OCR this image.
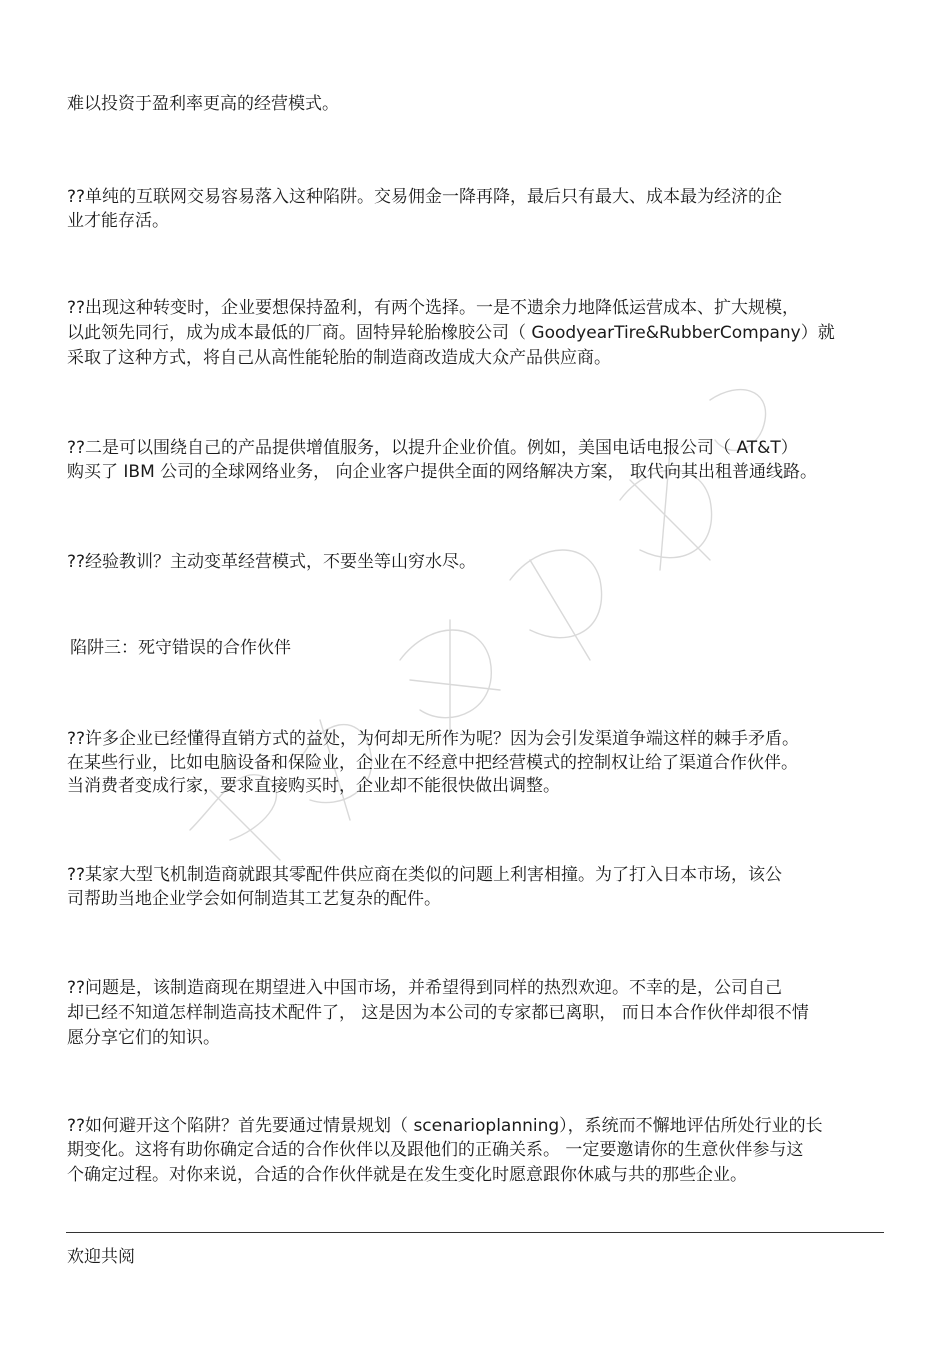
难以投资于盈利率更高的经营模式。
??单纯的互联网交易容易落入这种陷阱。交易佣金一降再降，最后只有最大、成本最为经济的企
业才能存活。
??出现这种转变时，企业要想保持盈利，有两个选择。一是不遗余力地降低运营成本、扩大规模，
以此领先同行，成为成本最低的厂商。固特异轮胎橡胶公司（ GoodyearTire&RubberCompany）就
采取了这种方式，将自己从高性能轮胎的制造商改造成大众产品供应商。
??二是可以围绕自己的产品提供增值服务，以提升企业价值。例如，美国电话电报公司（ AT&T）
购买了 IBM 公司的全球网络业务， 向企业客户提供全面的网络解决方案， 取代向其出租普通线路。
??经验教训？主动变革经营模式，不要坐等山穷水尽。
陷阱三：死守错误的合作伙伴
??许多企业已经懂得直销方式的益处，为何却无所作为呢？因为会引发渠道争端这样的棘手矛盾。
在某些行业，比如电脑设备和保险业，企业在不经意中把经营模式的控制权让给了渠道合作伙伴。
当消费者变成行家，要求直接购买时，企业却不能很快做出调整。
??某家大型飞机制造商就跟其零配件供应商在类似的问题上利害相撞。为了打入日本市场，该公
司帮助当地企业学会如何制造其工艺复杂的配件。
??问题是，该制造商现在期望进入中国市场，并希望得到同样的热烈欢迎。不幸的是，公司自己
却已经不知道怎样制造高技术配件了， 这是因为本公司的专家都已离职， 而日本合作伙伴却很不情
愿分享它们的知识。
??如何避开这个陷阱？首先要通过情景规划（ scenarioplanning），系统而不懈地评估所处行业的长
期变化。这将有助你确定合适的合作伙伴以及跟他们的正确关系。 一定要邀请你的生意伙伴参与这
个确定过程。对你来说，合适的合作伙伴就是在发生变化时愿意跟你休戚与共的那些企业。
欢迎共阅
